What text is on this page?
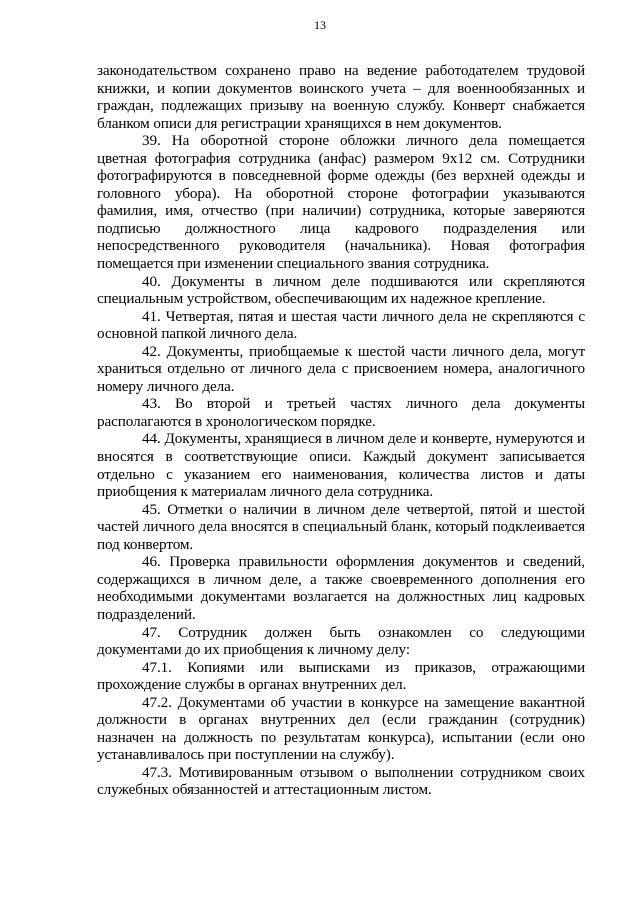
13

законодательством сохранено право на ведение работодателем трудовой книжки, и копии документов воинского учета – для военнообязанных и граждан, подлежащих призыву на военную службу. Конверт снабжается бланком описи для регистрации хранящихся в нем документов.

39. На оборотной стороне обложки личного дела помещается цветная фотография сотрудника (анфас) размером 9x12 см. Сотрудники фотографируются в повседневной форме одежды (без верхней одежды и головного убора). На оборотной стороне фотографии указываются фамилия, имя, отчество (при наличии) сотрудника, которые заверяются подписью должностного лица кадрового подразделения или непосредственного руководителя (начальника). Новая фотография помещается при изменении специального звания сотрудника.

40. Документы в личном деле подшиваются или скрепляются специальным устройством, обеспечивающим их надежное крепление.

41. Четвертая, пятая и шестая части личного дела не скрепляются с основной папкой личного дела.

42. Документы, приобщаемые к шестой части личного дела, могут храниться отдельно от личного дела с присвоением номера, аналогичного номеру личного дела.

43. Во второй и третьей частях личного дела документы располагаются в хронологическом порядке.

44. Документы, хранящиеся в личном деле и конверте, нумеруются и вносятся в соответствующие описи. Каждый документ записывается отдельно с указанием его наименования, количества листов и даты приобщения к материалам личного дела сотрудника.

45. Отметки о наличии в личном деле четвертой, пятой и шестой частей личного дела вносятся в специальный бланк, который подклеивается под конвертом.

46. Проверка правильности оформления документов и сведений, содержащихся в личном деле, а также своевременного дополнения его необходимыми документами возлагается на должностных лиц кадровых подразделений.

47. Сотрудник должен быть ознакомлен со следующими документами до их приобщения к личному делу:

47.1. Копиями или выписками из приказов, отражающими прохождение службы в органах внутренних дел.

47.2. Документами об участии в конкурсе на замещение вакантной должности в органах внутренних дел (если гражданин (сотрудник) назначен на должность по результатам конкурса), испытании (если оно устанавливалось при поступлении на службу).

47.3. Мотивированным отзывом о выполнении сотрудником своих служебных обязанностей и аттестационным листом.
